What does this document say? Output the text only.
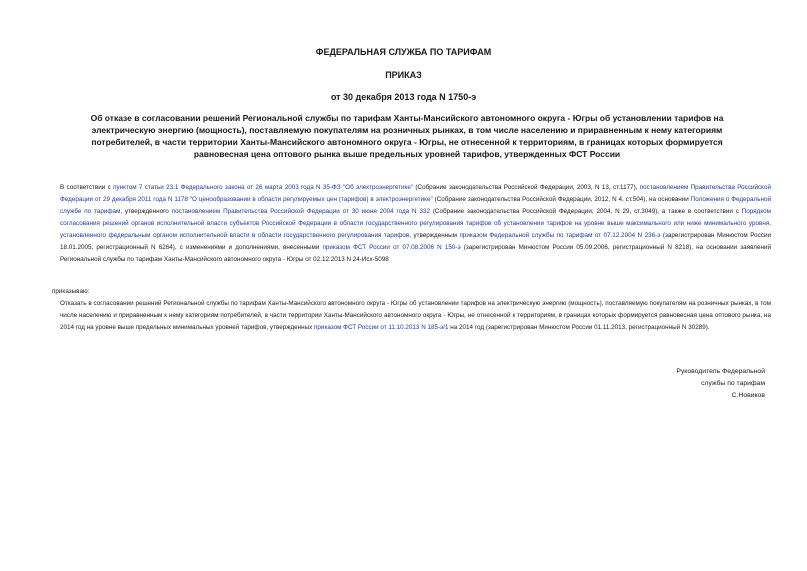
ФЕДЕРАЛЬНАЯ СЛУЖБА ПО ТАРИФАМ

ПРИКАЗ

от 30 декабря 2013 года N 1750-э

Об отказе в согласовании решений Региональной службы по тарифам Ханты-Мансийского автономного округа - Югры об установлении тарифов на электрическую энергию (мощность), поставляемую покупателям на розничных рынках, в том числе населению и приравненным к нему категориям потребителей, в части территории Ханты-Мансийского автономного округа - Югры, не отнесенной к территориям, в границах которых формируется равновесная цена оптового рынка выше предельных уровней тарифов, утвержденных ФСТ России

В соответствии с пунктом 7 статьи 23.1 Федерального закона от 26 марта 2003 года N 35-ФЗ "Об электроэнергетике" (Собрание законодательства Российской Федерации, 2003, N 13, ст.1177), постановлением Правительства Российской Федерации от 29 декабря 2011 года N 1178 "О ценообразовании в области регулируемых цен (тарифов) в электроэнергетике" (Собрание законодательства Российской Федерации, 2012, N 4, ст.504), на основании Положения о Федеральной службе по тарифам, утвержденного постановлением Правительства Российской Федерации от 30 июня 2004 года N 332 (Собрание законодательства Российской Федерации, 2004, N 29, ст.3049), а также в соответствии с Порядком согласования решений органов исполнительной власти субъектов Российской Федерации в области государственного регулирования тарифов об установлении тарифов на уровне выше максимального или ниже минимального уровня, установленного федеральным органом исполнительной власти в области государственного регулирования тарифов, утвержденным приказом Федеральной службы по тарифам от 07.12.2004 N 236-э (зарегистрирован Минюстом России 18.01.2005, регистрационный N 6264), с изменениями и дополнениями, внесенными приказом ФСТ России от 07.08.2006 N 150-э (зарегистрирован Минюстом России 05.09.2006, регистрационный N 8218), на основании заявлений Региональной службы по тарифам Ханты-Мансийского автономного округа - Югры от 02.12.2013 N 24-Исх-5098

приказываю:

Отказать в согласовании решений Региональной службы по тарифам Ханты-Мансийского автономного округа - Югры об установлении тарифов на электрическую энергию (мощность), поставляемую покупателям на розничных рынках, в том числе населению и приравненным к нему категориям потребителей, в части территории Ханты-Мансийского автономного округа - Югры, не отнесенной к территориям, в границах которых формируется равновесная цена оптового рынка, на 2014 год на уровне выше предельных минимальных уровней тарифов, утвержденных приказом ФСТ России от 11.10.2013 N 185-э/1 на 2014 год (зарегистрирован Минюстом России 01.11.2013, регистрационный N 30289).

Руководитель Федеральной
службы по тарифам
С.Новиков
